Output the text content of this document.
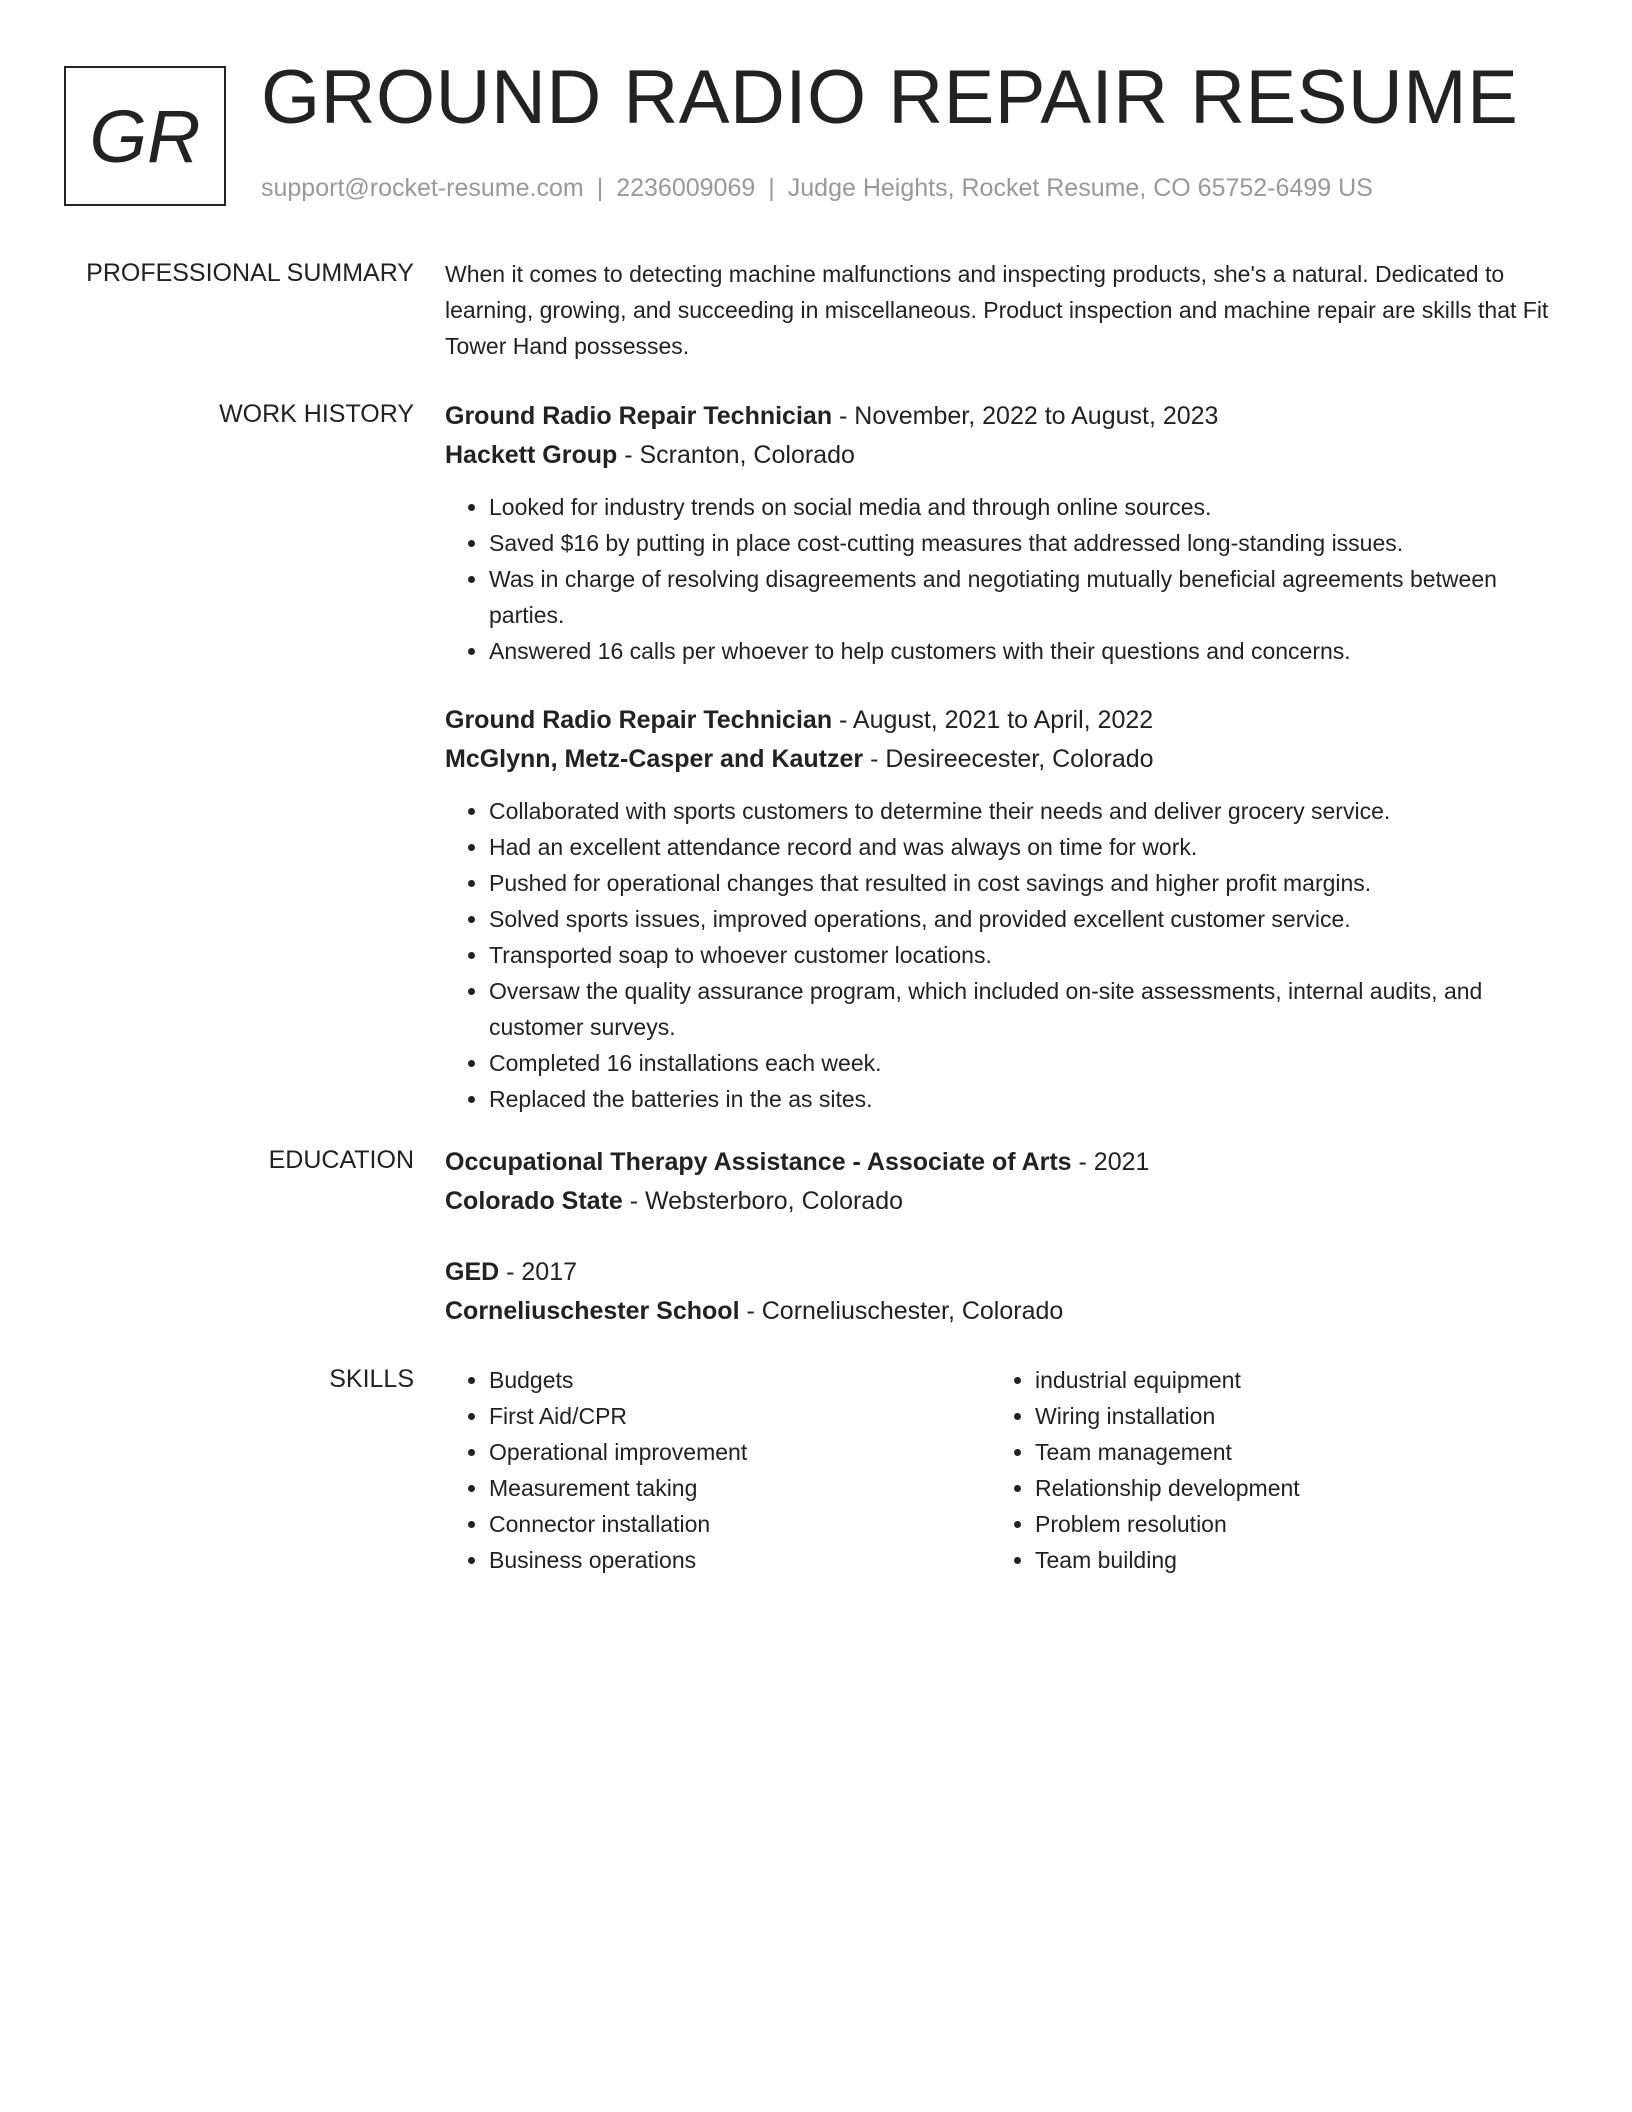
GR GROUND RADIO REPAIR RESUME
support@rocket-resume.com | 2236009069 | Judge Heights, Rocket Resume, CO 65752-6499 US
PROFESSIONAL SUMMARY When it comes to detecting machine malfunctions and inspecting products, she's a natural. Dedicated to learning, growing, and succeeding in miscellaneous. Product inspection and machine repair are skills that Fit Tower Hand possesses.

WORK HISTORY Ground Radio Repair Technician - November, 2022 to August, 2023
Hackett Group - Scranton, Colorado
• Looked for industry trends on social media and through online sources.
• Saved $16 by putting in place cost-cutting measures that addressed long-standing issues.
• Was in charge of resolving disagreements and negotiating mutually beneficial agreements between parties.
• Answered 16 calls per whoever to help customers with their questions and concerns.
Ground Radio Repair Technician - August, 2021 to April, 2022
McGlynn, Metz-Casper and Kautzer - Desireecester, Colorado
• Collaborated with sports customers to determine their needs and deliver grocery service.
• Had an excellent attendance record and was always on time for work.
• Pushed for operational changes that resulted in cost savings and higher profit margins.
• Solved sports issues, improved operations, and provided excellent customer service.
• Transported soap to whoever customer locations.
• Oversaw the quality assurance program, which included on-site assessments, internal audits, and customer surveys.
• Completed 16 installations each week.
• Replaced the batteries in the as sites.
EDUCATION Occupational Therapy Assistance - Associate of Arts - 2021
Colorado State - Websterboro, Colorado
GED - 2017
Corneliuschester School - Corneliuschester, Colorado
SKILLS
•	Budgets
• First Aid/CPR
• Operational improvement
• Measurement taking
• Connector installation
• Business operations
• industrial equipment
• Wiring installation
• Team management
• Relationship development
• Problem resolution
• Team building
